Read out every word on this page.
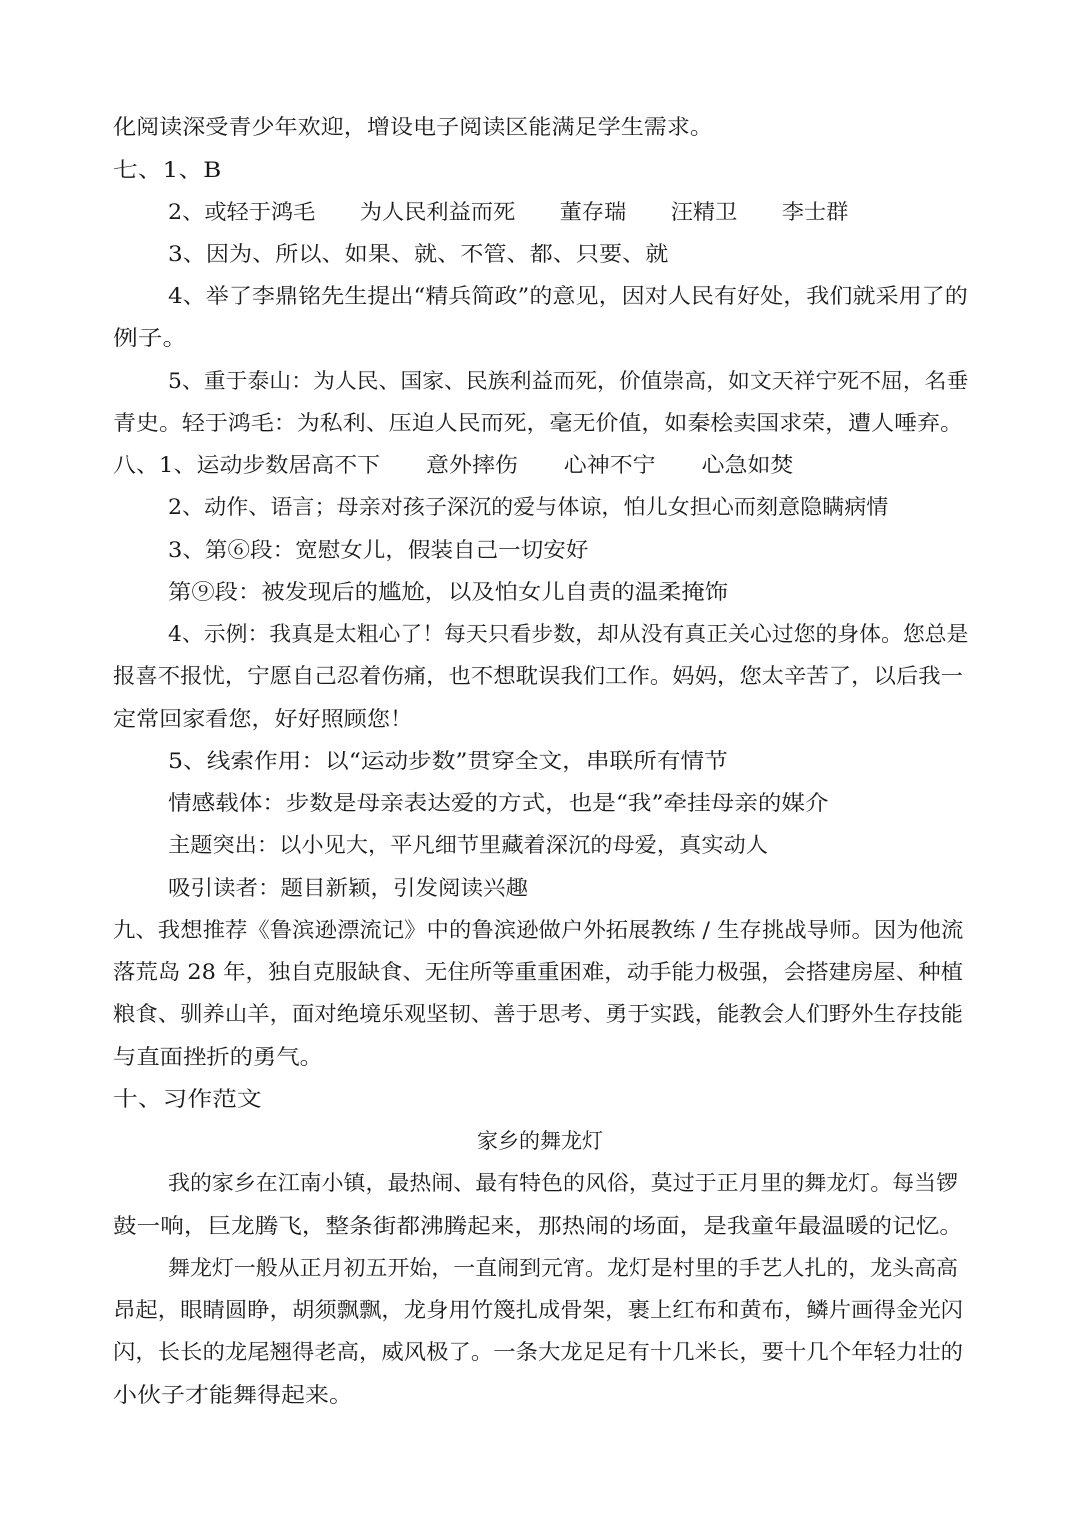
化阅读深受青少年欢迎，增设电子阅读区能满足学生需求。
七、1、B
2、或轻于鸿毛　　为人民利益而死　　董存瑞　　汪精卫　　李士群
3、因为、所以、如果、就、不管、都、只要、就
4、举了李鼎铭先生提出“精兵简政”的意见，因对人民有好处，我们就采用了的
例子。
5、重于泰山：为人民、国家、民族利益而死，价值崇高，如文天祥宁死不屈，名垂
青史。轻于鸿毛：为私利、压迫人民而死，毫无价值，如秦桧卖国求荣，遭人唾弃。
八、1、运动步数居高不下　　意外摔伤　　心神不宁　　心急如焚
2、动作、语言；母亲对孩子深沉的爱与体谅，怕儿女担心而刻意隐瞒病情
3、第⑥段：宽慰女儿，假装自己一切安好
第⑨段：被发现后的尴尬，以及怕女儿自责的温柔掩饰
4、示例：我真是太粗心了！每天只看步数，却从没有真正关心过您的身体。您总是
报喜不报忧，宁愿自己忍着伤痛，也不想耽误我们工作。妈妈，您太辛苦了，以后我一
定常回家看您，好好照顾您！
5、线索作用：以“运动步数”贯穿全文，串联所有情节
情感载体：步数是母亲表达爱的方式，也是“我”牵挂母亲的媒介
主题突出：以小见大，平凡细节里藏着深沉的母爱，真实动人
吸引读者：题目新颖，引发阅读兴趣
九、我想推荐《鲁滨逊漂流记》中的鲁滨逊做户外拓展教练 / 生存挑战导师。因为他流
落荒岛 28 年，独自克服缺食、无住所等重重困难，动手能力极强，会搭建房屋、种植
粮食、驯养山羊，面对绝境乐观坚韧、善于思考、勇于实践，能教会人们野外生存技能
与直面挫折的勇气。
十、习作范文
家乡的舞龙灯
我的家乡在江南小镇，最热闹、最有特色的风俗，莫过于正月里的舞龙灯。每当锣
鼓一响，巨龙腾飞，整条街都沸腾起来，那热闹的场面，是我童年最温暖的记忆。
舞龙灯一般从正月初五开始，一直闹到元宵。龙灯是村里的手艺人扎的，龙头高高
昂起，眼睛圆睁，胡须飘飘，龙身用竹篾扎成骨架，裹上红布和黄布，鳞片画得金光闪
闪，长长的龙尾翘得老高，威风极了。一条大龙足足有十几米长，要十几个年轻力壮的
小伙子才能舞得起来。
